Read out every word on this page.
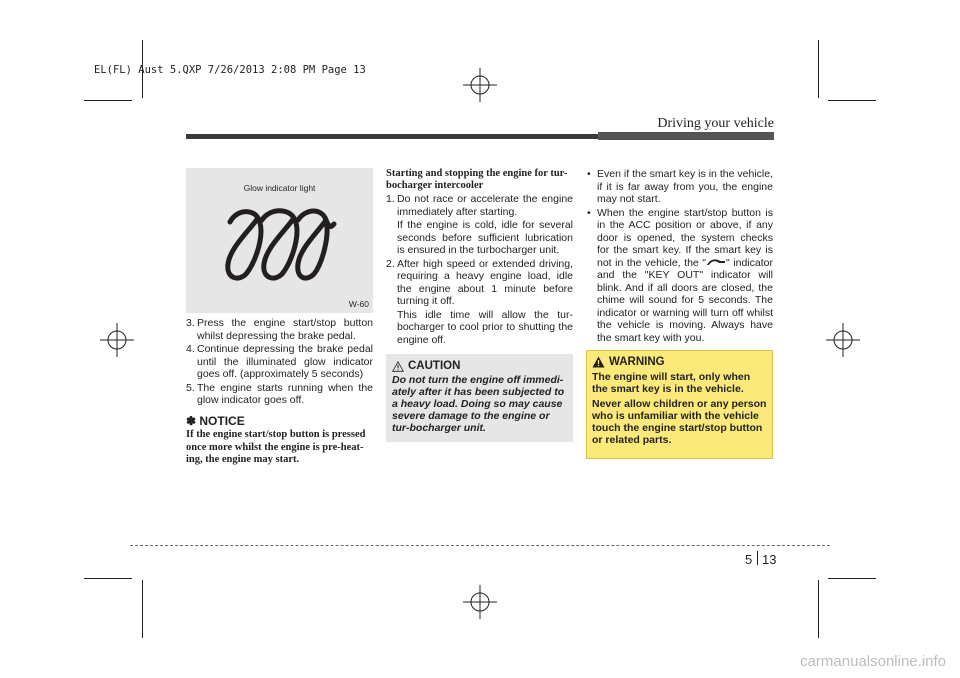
EL(FL) Aust 5.QXP 7/26/2013 2:08 PM Page 13
Driving your vehicle
Glow indicator light
W-60
3. Press the engine start/stop button whilst depressing the brake pedal.
4. Continue depressing the brake pedal until the illuminated glow indicator goes off. (approximately 5 seconds)
5. The engine starts running when the glow indicator goes off.
✽ NOTICE
If the engine start/stop button is pressed once more whilst the engine is pre-heat-ing, the engine may start.
Starting and stopping the engine for tur-bocharger intercooler
1. Do not race or accelerate the engine immediately after starting.
If the engine is cold, idle for several seconds before sufficient lubrication is ensured in the turbocharger unit.
2. After high speed or extended driving, requiring a heavy engine load, idle the engine about 1 minute before turning it off.
This idle time will allow the tur-bocharger to cool prior to shutting the engine off.
CAUTION
Do not turn the engine off immedi-ately after it has been subjected to a heavy load. Doing so may cause severe damage to the engine or tur-bocharger unit.
• Even if the smart key is in the vehicle, if it is far away from you, the engine may not start.
• When the engine start/stop button is in the ACC position or above, if any door is opened, the system checks for the smart key. If the smart key is not in the vehicle, the " " indicator and the "KEY OUT" indicator will blink. And if all doors are closed, the chime will sound for 5 seconds. The indicator or warning will turn off whilst the vehicle is moving. Always have the smart key with you.
WARNING

The engine will start, only when the smart key is in the vehicle.

Never allow children or any person who is unfamiliar with the vehicle touch the engine start/stop button or related parts.

5 13
carmanualsonline.info
